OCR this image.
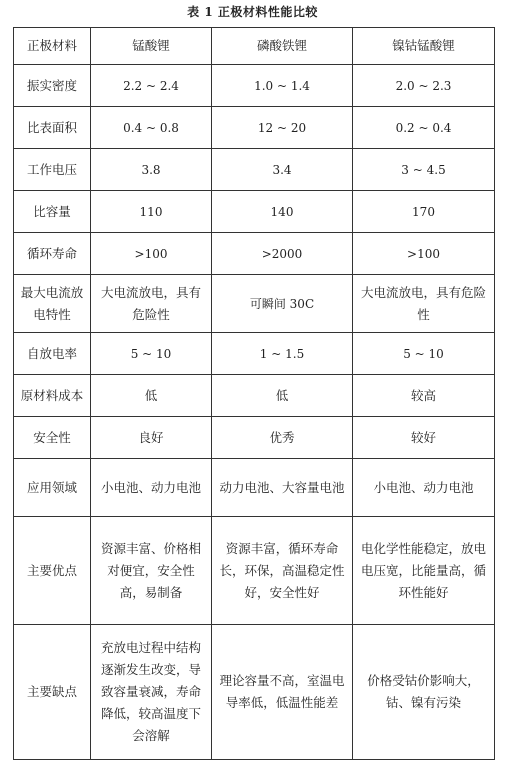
表 1 正极材料性能比较
正极材料	锰酸锂	磷酸铁锂	镍钴锰酸锂
振实密度	2.2 ~ 2.4	1.0 ~ 1.4	2.0 ~ 2.3
比表面积	0.4 ~ 0.8	12 ~ 20	0.2 ~ 0.4
工作电压	3.8	3.4	3 ~ 4.5
比容量	110	140	170
循环寿命	>100	>2000	>100
最大电流放电特性	大电流放电，具有危险性	可瞬间 30C	大电流放电，具有危险性
自放电率	5 ~ 10	1 ~ 1.5	5 ~ 10
原材料成本	低	低	较高
安全性	良好	优秀	较好
应用领域	小电池、动力电池	动力电池、大容量电池	小电池、动力电池
主要优点	资源丰富、价格相对便宜，安全性高，易制备	资源丰富，循环寿命长，环保，高温稳定性好，安全性好	电化学性能稳定，放电电压宽，比能量高，循环性能好
主要缺点	充放电过程中结构逐渐发生改变，导致容量衰减，寿命降低，较高温度下会溶解	理论容量不高，室温电导率低，低温性能差	价格受钴价影响大，钴、镍有污染
